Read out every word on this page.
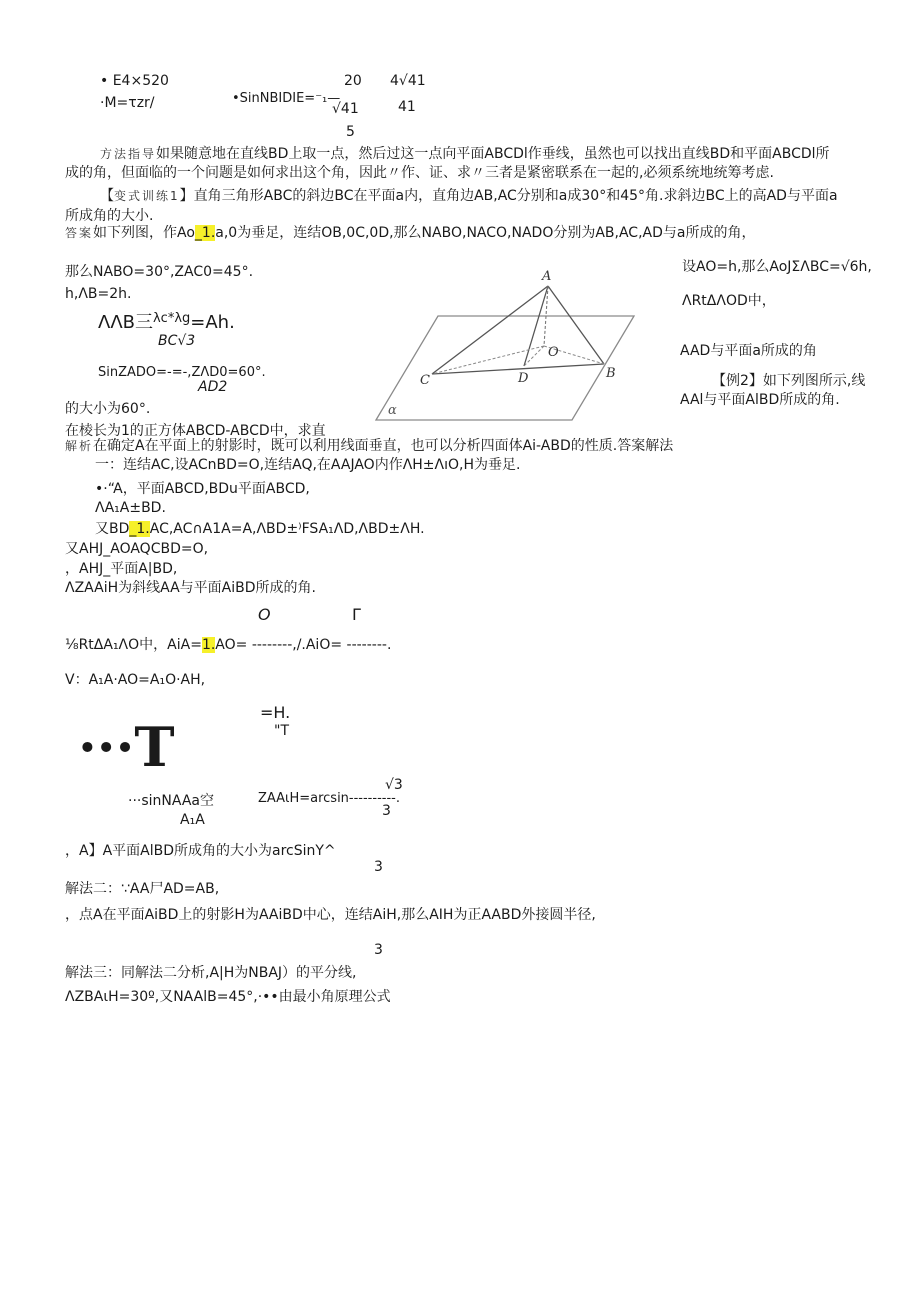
• E4×520
·M=τzr/	•SinNBIDIE=⁻₁—
20 4√41
√41	41
5
方法指导如果随意地在直线BD上取一点，然后过这一点向平面ABCDl作垂线，虽然也可以找出直线BD和平面ABCDl所
成的角，但面临的一个问题是如何求出这个角，因此〃作、证、求〃三者是紧密联系在一起的,必须系统地统筹考虑.
【变式训练1】直角三角形ABC的斜边BC在平面a内，直角边AB,AC分别和a成30°和45°角.求斜边BC上的高AD与平面a
所成角的大小.
答案如下列图，作Ao_1.a,0为垂足，连结OB,0C,0D,那么NABO,NACO,NADO分别为AB,AC,AD与a所成的角，
那么NABO=30°,ZAC0=45°.
h,ΛB=2h.
ΛΛB三$^{\lambda c*\lambda g}$=Ah.
BC√3
SinZADO=-=-,ZΛD0=60°.
AD2
的大小为60°.
A
O
C	D	B
α
设AO=h,那么AoJΣΛBC=√6h,
ΛRtΔΛOD中，
AAD与平面a所成的角
【例2】如下列图所示,线
AAl与平面AlBD所成的角.
在棱长为1的正方体ABCD-ABCD中，求直
解析在确定A在平面上的射影时，既可以利用线面垂直，也可以分析四面体Ai-ABD的性质.答案解法
一：连结AC,设ACnBD=O,连结AQ,在AAJAO内作ΛH±ΛıO,H为垂足.
•·“A，平面ABCD,BDu平面ABCD,
ΛA₁A±BD.
又BD_1.AC,AC∩A1A=A,ΛBD±⁾FSA₁ΛD,ΛBD±ΛH.
又AHJ_AOAQCBD=O,
，AHJ_平面A|BD,
ΛZAAiH为斜线AA与平面AiBD所成的角.
O	Γ
⅛RtΔA₁ΛO中，AiA=1.AO= --------,/.AiO= --------.
V：A₁A·AO=A₁O·AH,
=H.
"T
···T
√3
ZAAιH=arcsin----------.
3
···sinNAAa空
A₁A
，A】A平面AlBD所成角的大小为arcSinY^
3
解法二：∵AA尸AD=AB,
，点A在平面AiBD上的射影H为AAiBD中心，连结AiH,那么AIH为正AABD外接圆半径,
3
解法三：同解法二分析,A|H为NBAJ）的平分线,
ΛZBAιH=30º,又NAAlB=45°,·••由最小角原理公式
